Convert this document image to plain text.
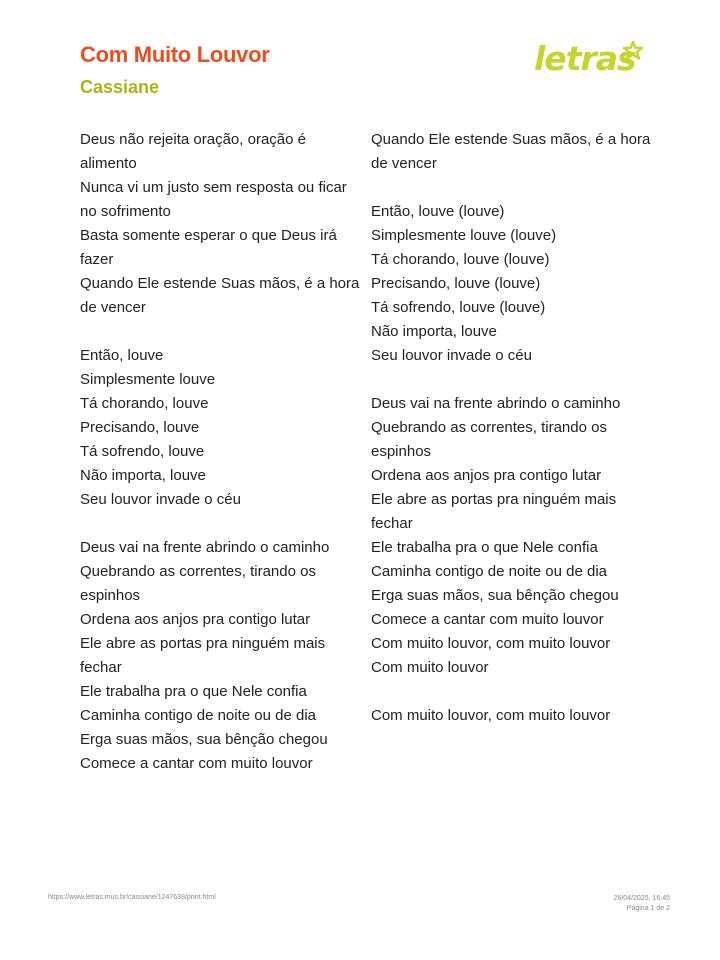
Com Muito Louvor
Cassiane
letras
Deus não rejeita oração, oração é alimento
Nunca vi um justo sem resposta ou ficar no sofrimento
Basta somente esperar o que Deus irá fazer
Quando Ele estende Suas mãos, é a hora de vencer
Então, louve
Simplesmente louve
Tá chorando, louve
Precisando, louve
Tá sofrendo, louve
Não importa, louve
Seu louvor invade o céu
Deus vai na frente abrindo o caminho
Quebrando as correntes, tirando os espinhos
Ordena aos anjos pra contigo lutar
Ele abre as portas pra ninguém mais fechar
Ele trabalha pra o que Nele confia
Caminha contigo de noite ou de dia
Erga suas mãos, sua bênção chegou
Comece a cantar com muito louvor
Quando Ele estende Suas mãos, é a hora de vencer
Então, louve (louve)
Simplesmente louve (louve)
Tá chorando, louve (louve)
Precisando, louve (louve)
Tá sofrendo, louve (louve)
Não importa, louve
Seu louvor invade o céu
Deus vai na frente abrindo o caminho
Quebrando as correntes, tirando os espinhos
Ordena aos anjos pra contigo lutar
Ele abre as portas pra ninguém mais fechar
Ele trabalha pra o que Nele confia
Caminha contigo de noite ou de dia
Erga suas mãos, sua bênção chegou
Comece a cantar com muito louvor
Com muito louvor, com muito louvor
Com muito louvor
Com muito louvor, com muito louvor
https://www.letras.mus.br/cassiane/1247638/print.html	26/04/2025, 16:45
Página 1 de 2
